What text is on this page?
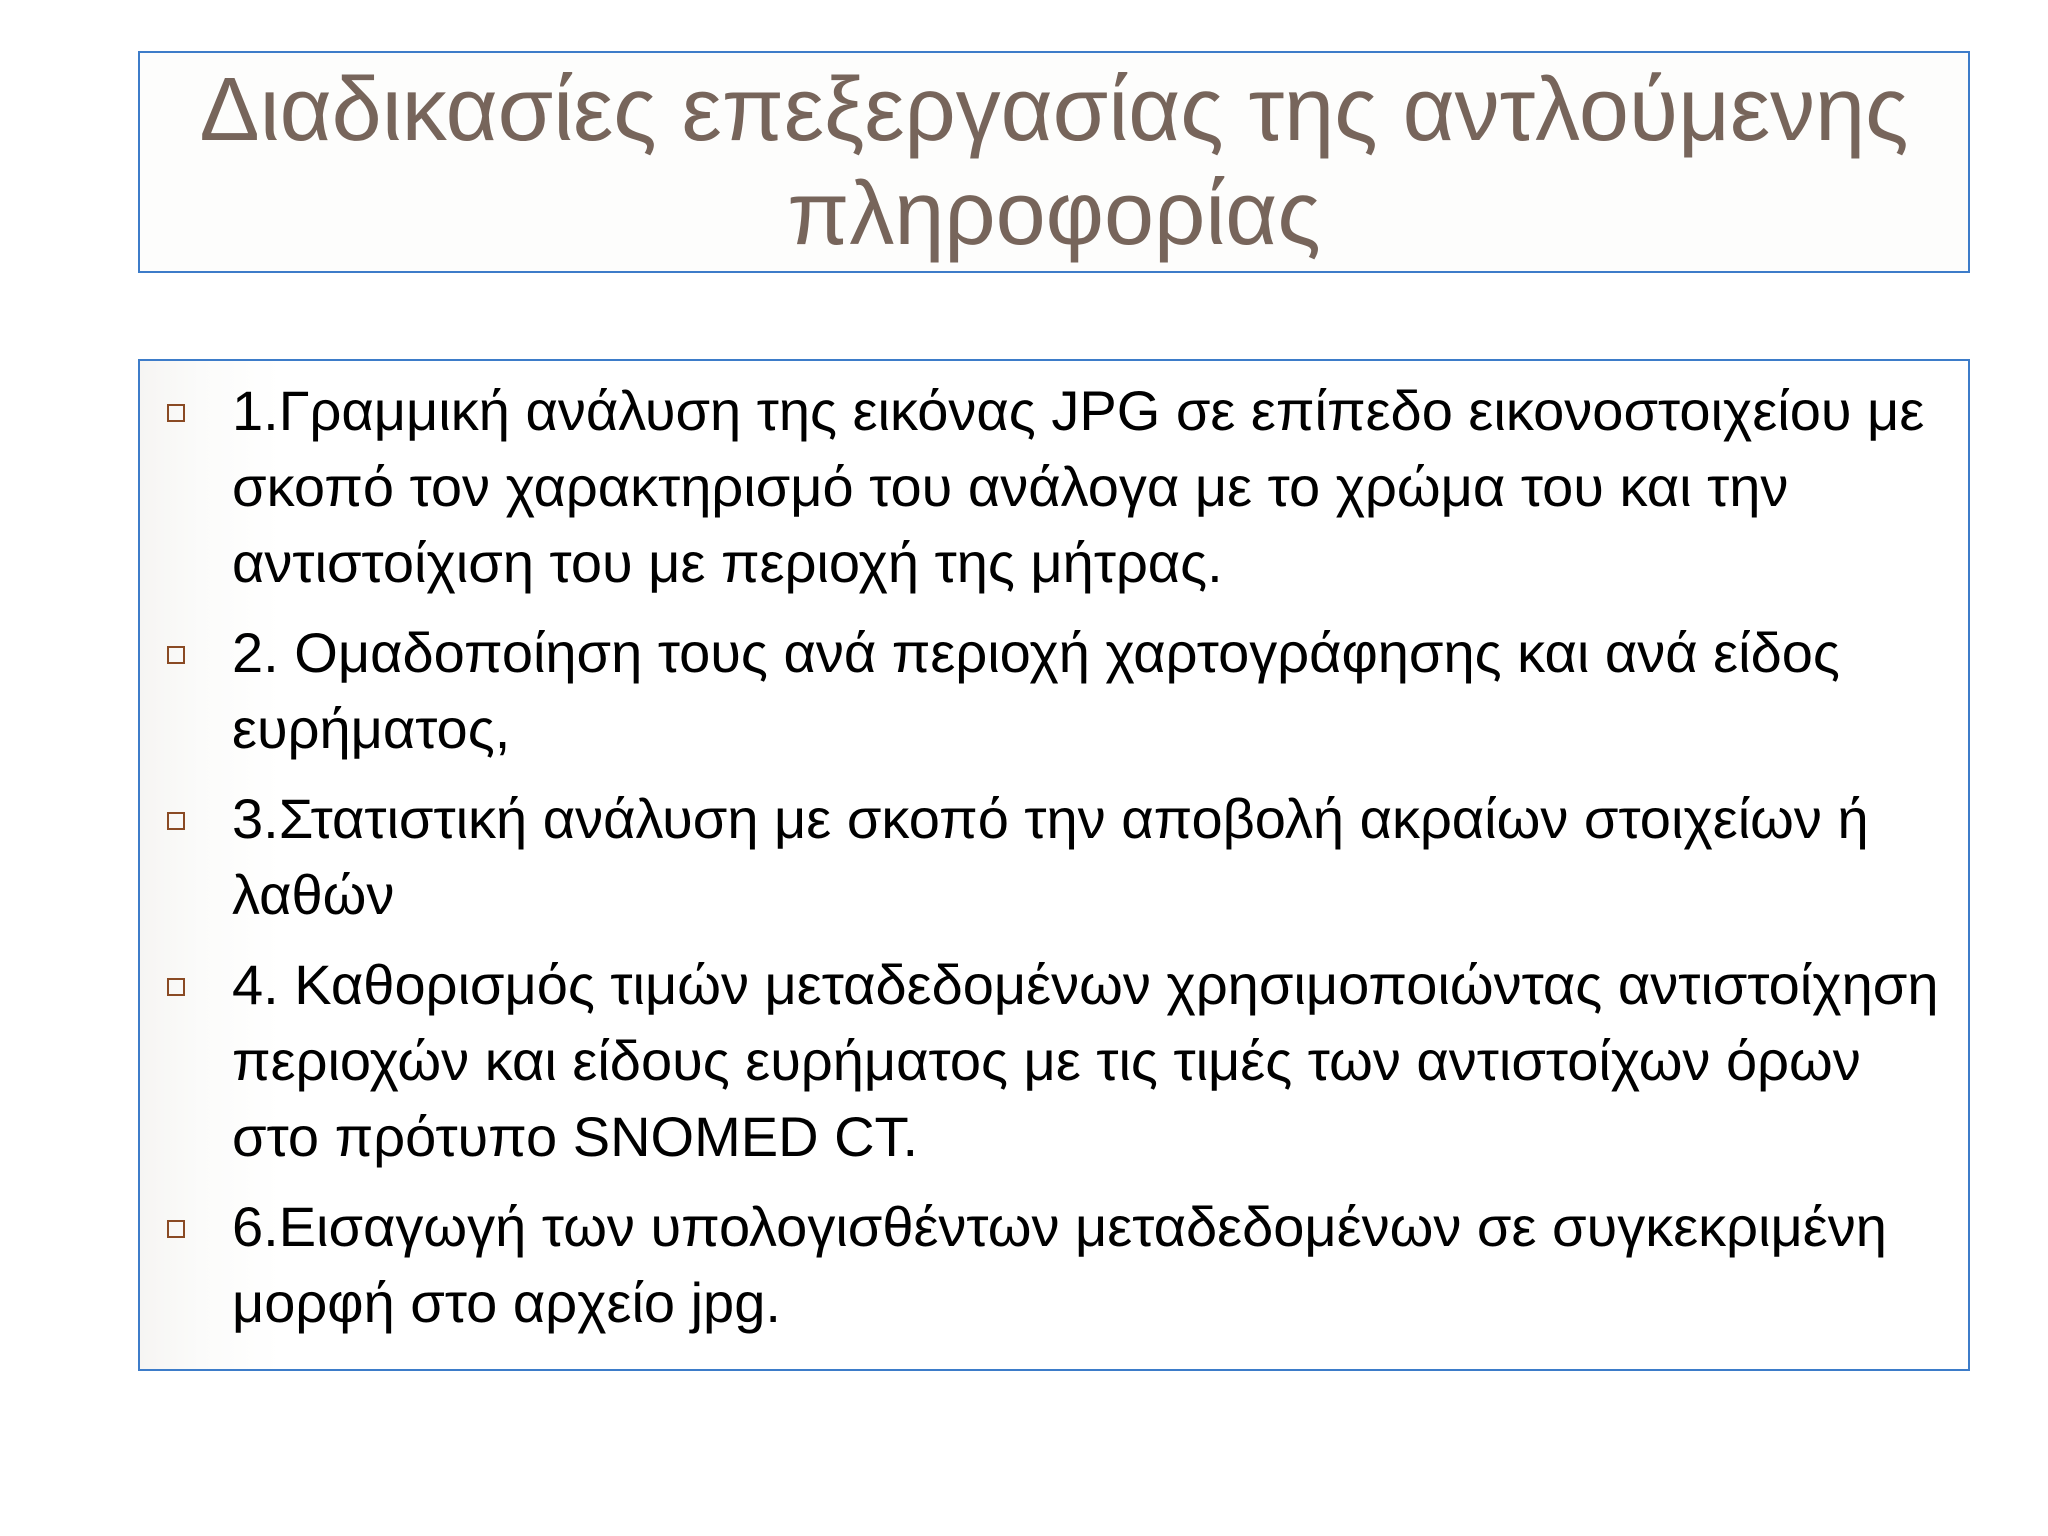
Διαδικασίες επεξεργασίας της αντλούμενης πληροφορίας
1.Γραμμική ανάλυση της εικόνας JPG σε επίπεδο εικονοστοιχείου με σκοπό τον χαρακτηρισμό του ανάλογα με το χρώμα του και την αντιστοίχιση του με περιοχή της μήτρας.
2. Ομαδοποίηση τους ανά περιοχή χαρτογράφησης και ανά είδος  ευρήματος,
3.Στατιστική ανάλυση με σκοπό την αποβολή ακραίων στοιχείων ή λαθών
4. Καθορισμός τιμών μεταδεδομένων χρησιμοποιώντας αντιστοίχηση περιοχών και είδους ευρήματος με τις τιμές των αντιστοίχων όρων στο πρότυπο SNOMED CT.
6.Εισαγωγή των υπολογισθέντων μεταδεδομένων σε συγκεκριμένη μορφή στο αρχείο jpg.
